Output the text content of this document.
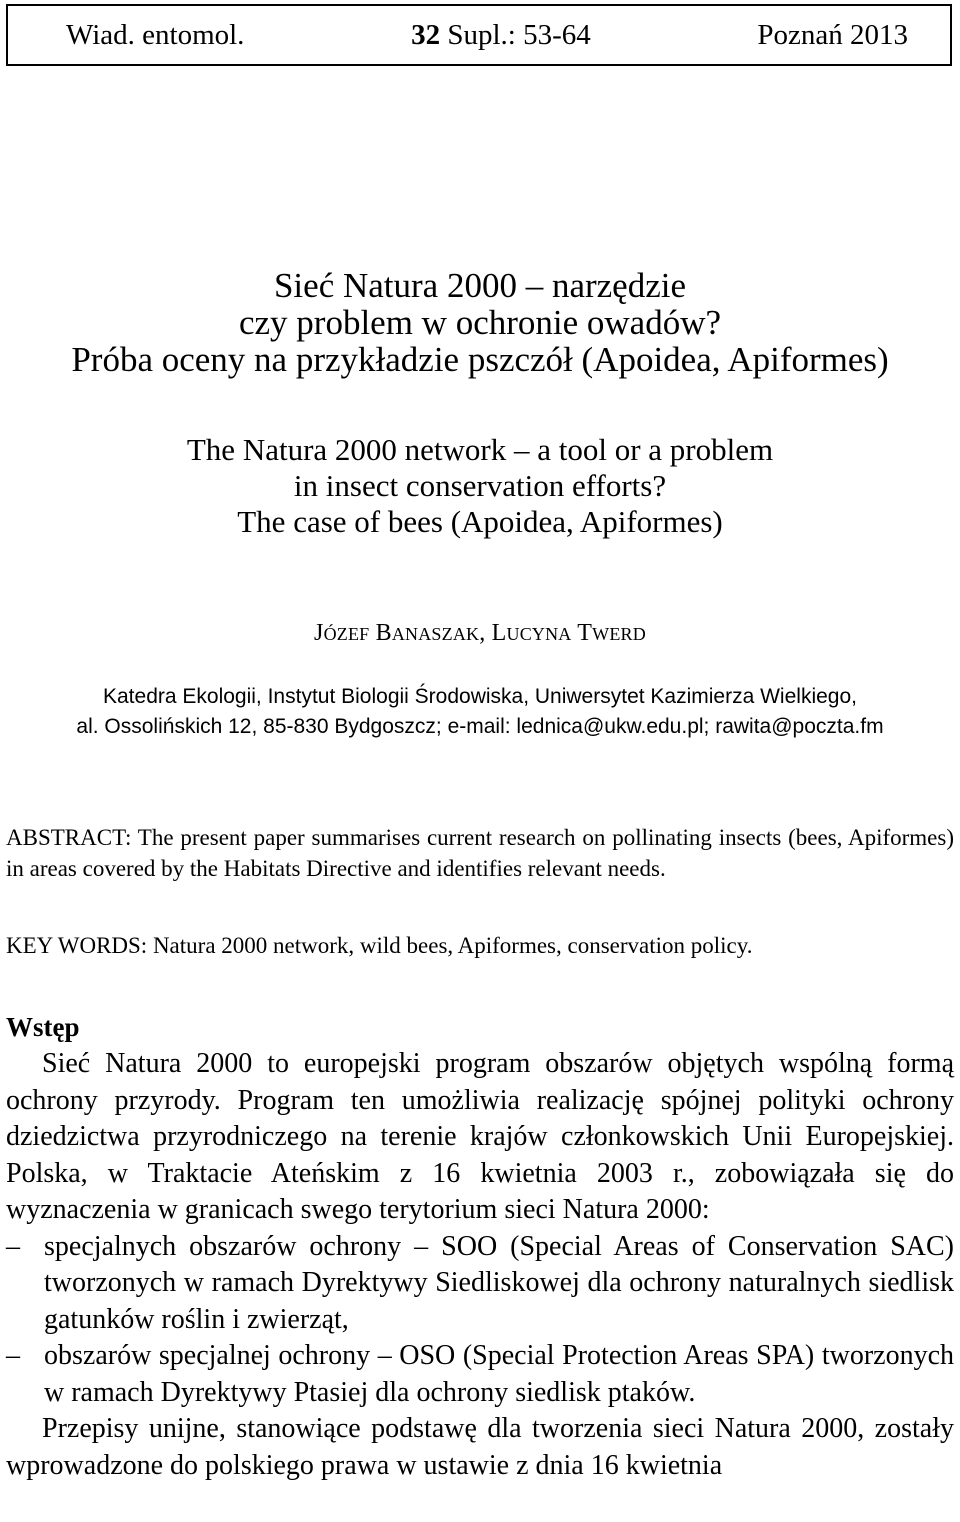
Wiad. entomol.	32 Supl.: 53-64	Poznań 2013
Sieć Natura 2000 – narzędzie
czy problem w ochronie owadów?
Próba oceny na przykładzie pszczół (Apoidea, Apiformes)
The Natura 2000 network – a tool or a problem
in insect conservation efforts?
The case of bees (Apoidea, Apiformes)
JÓZEF BANASZAK, LUCYNA TWERD
Katedra Ekologii, Instytut Biologii Środowiska, Uniwersytet Kazimierza Wielkiego,
al. Ossolińskich 12, 85-830 Bydgoszcz; e-mail: lednica@ukw.edu.pl; rawita@poczta.fm
ABSTRACT: The present paper summarises current research on pollinating insects (bees, Apiformes) in areas covered by the Habitats Directive and identifies relevant needs.
KEY WORDS: Natura 2000 network, wild bees, Apiformes, conservation policy.
Wstęp
Sieć Natura 2000 to europejski program obszarów objętych wspólną formą ochrony przyrody. Program ten umożliwia realizację spójnej polityki ochrony dziedzictwa przyrodniczego na terenie krajów członkowskich Unii Europejskiej. Polska, w Traktacie Ateńskim z 16 kwietnia 2003 r., zobowiązała się do wyznaczenia w granicach swego terytorium sieci Natura 2000:
– specjalnych obszarów ochrony – SOO (Special Areas of Conservation SAC) tworzonych w ramach Dyrektywy Siedliskowej dla ochrony naturalnych siedlisk gatunków roślin i zwierząt,
– obszarów specjalnej ochrony – OSO (Special Protection Areas SPA) tworzonych w ramach Dyrektywy Ptasiej dla ochrony siedlisk ptaków.
Przepisy unijne, stanowiące podstawę dla tworzenia sieci Natura 2000, zostały wprowadzone do polskiego prawa w ustawie z dnia 16 kwietnia
